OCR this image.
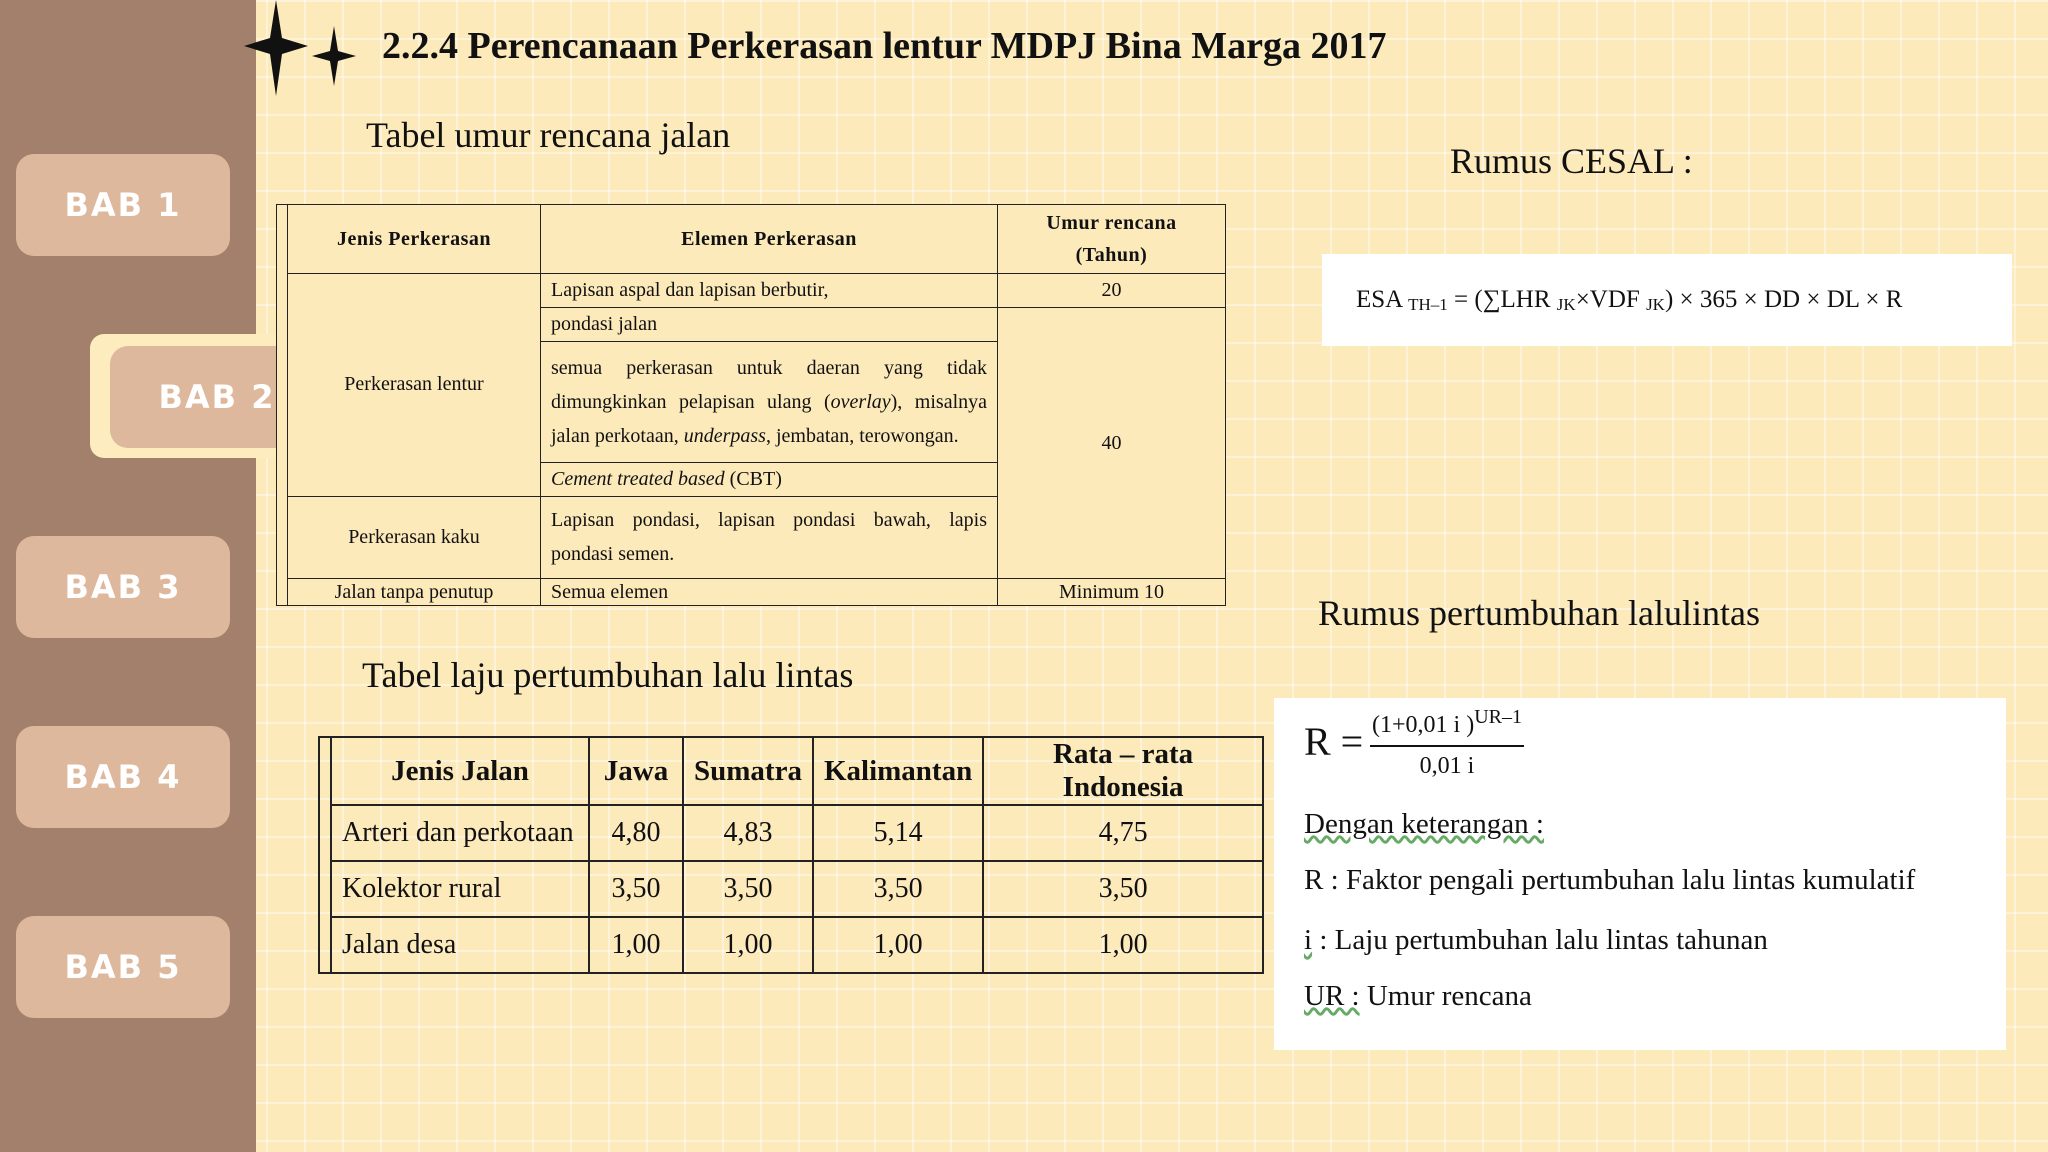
BAB 1
BAB 2
BAB 3
BAB 4
BAB 5
2.2.4 Perencanaan Perkerasan lentur MDPJ Bina Marga 2017
Tabel umur rencana jalan
	Jenis Perkerasan	Elemen Perkerasan	Umur rencana (Tahun)
	Perkerasan lentur	Lapisan aspal dan lapisan berbutir,	20
		pondasi jalan	40
		semua perkerasan untuk daeran yang tidak dimungkinkan pelapisan ulang (overlay), misalnya jalan perkotaan, underpass, jembatan, terowongan.	
		Cement treated based (CBT)	
	Perkerasan kaku	Lapisan pondasi, lapisan pondasi bawah, lapis pondasi semen.	
	Jalan tanpa penutup	Semua elemen	Minimum 10
Tabel laju pertumbuhan lalu lintas
	Jenis Jalan	Jawa	Sumatra	Kalimantan	Rata – rata Indonesia
	Arteri dan perkotaan	4,80	4,83	5,14	4,75
	Kolektor rural	3,50	3,50	3,50	3,50
	Jalan desa	1,00	1,00	1,00	1,00
Rumus CESAL :
ESA $_{TH-1}$ = (∑LHR $_{JK}$×VDF $_{JK}$) × 365 × DD × DL × R
Rumus pertumbuhan lalulintas
$R = \frac{(1+0,01 i )^{UR-1}}{0,01 i}$
Dengan keterangan :
R : Faktor pengali pertumbuhan lalu lintas kumulatif
i : Laju pertumbuhan lalu lintas tahunan
UR : Umur rencana
